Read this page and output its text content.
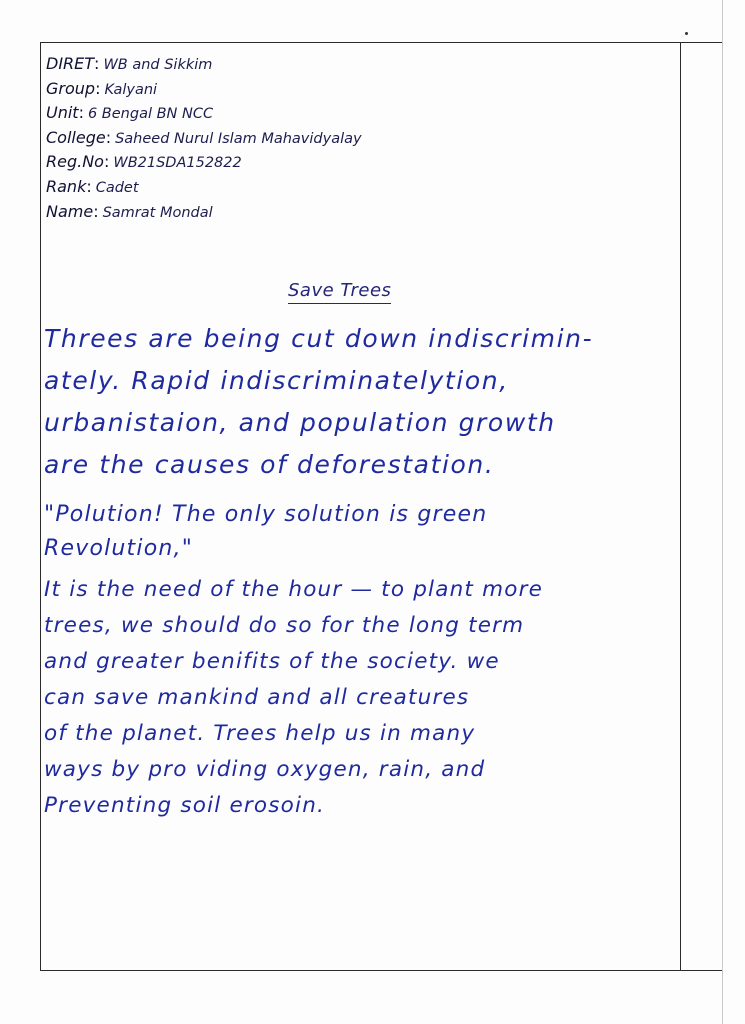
DIRET: WB and Sikkim
Group: Kalyani
Unit: 6 Bengal BN NCC
College: Saheed Nurul Islam Mahavidyalay
Reg.No: WB21SDA152822
Rank: Cadet
Name: Samrat Mondal
Save Trees
Threes are being cut down indiscrimin-
ately. Rapid indiscriminatelytion,
urbanistaion, and population growth
are the causes of deforestation.
"Polution! The only solution is green
Revolution,"
It is the need of the hour — to plant more
trees, we should do so for the long term
and greater benifits of the society. we
can save mankind and all creatures
of the planet. Trees help us in many
ways by pro viding oxygen, rain, and
Preventing soil erosoin.
